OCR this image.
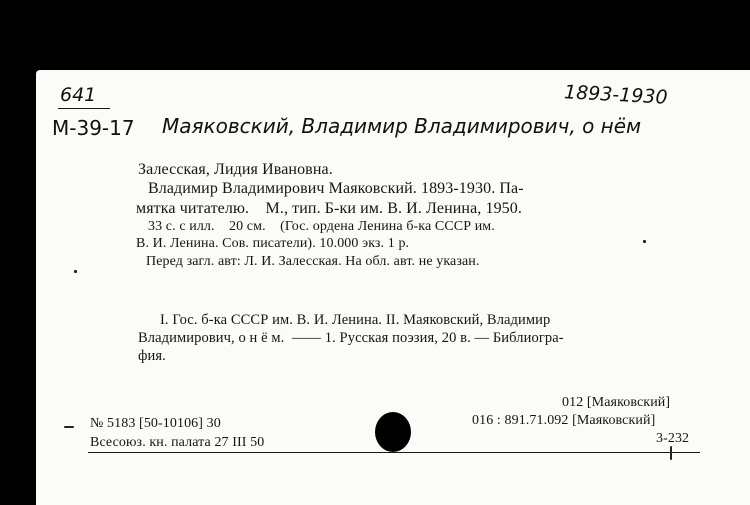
641
М-39-17
1893-1930
Маяковский, Владимир Владимирович, о нём
Залесская, Лидия Ивановна.
Владимир Владимирович Маяковский. 1893-1930. Па-
мятка читателю.    М., тип. Б-ки им. В. И. Ленина, 1950.
33 с. с илл.    20 см.    (Гос. ордена Ленина б-ка СССР им.
В. И. Ленина. Сов. писатели). 10.000 экз. 1 р.
Перед загл. авт: Л. И. Залесская. На обл. авт. не указан.
I. Гос. б-ка СССР им. В. И. Ленина. II. Маяковский, Владимир
Владимирович, о н ё м.  —— 1. Русская поэзия, 20 в. — Библиогра-
фия.
№ 5183 [50-10106] 30
Всесоюз. кн. палата 27 III 50
012 [Маяковский]
016 : 891.71.092 [Маяковский]
3-232
